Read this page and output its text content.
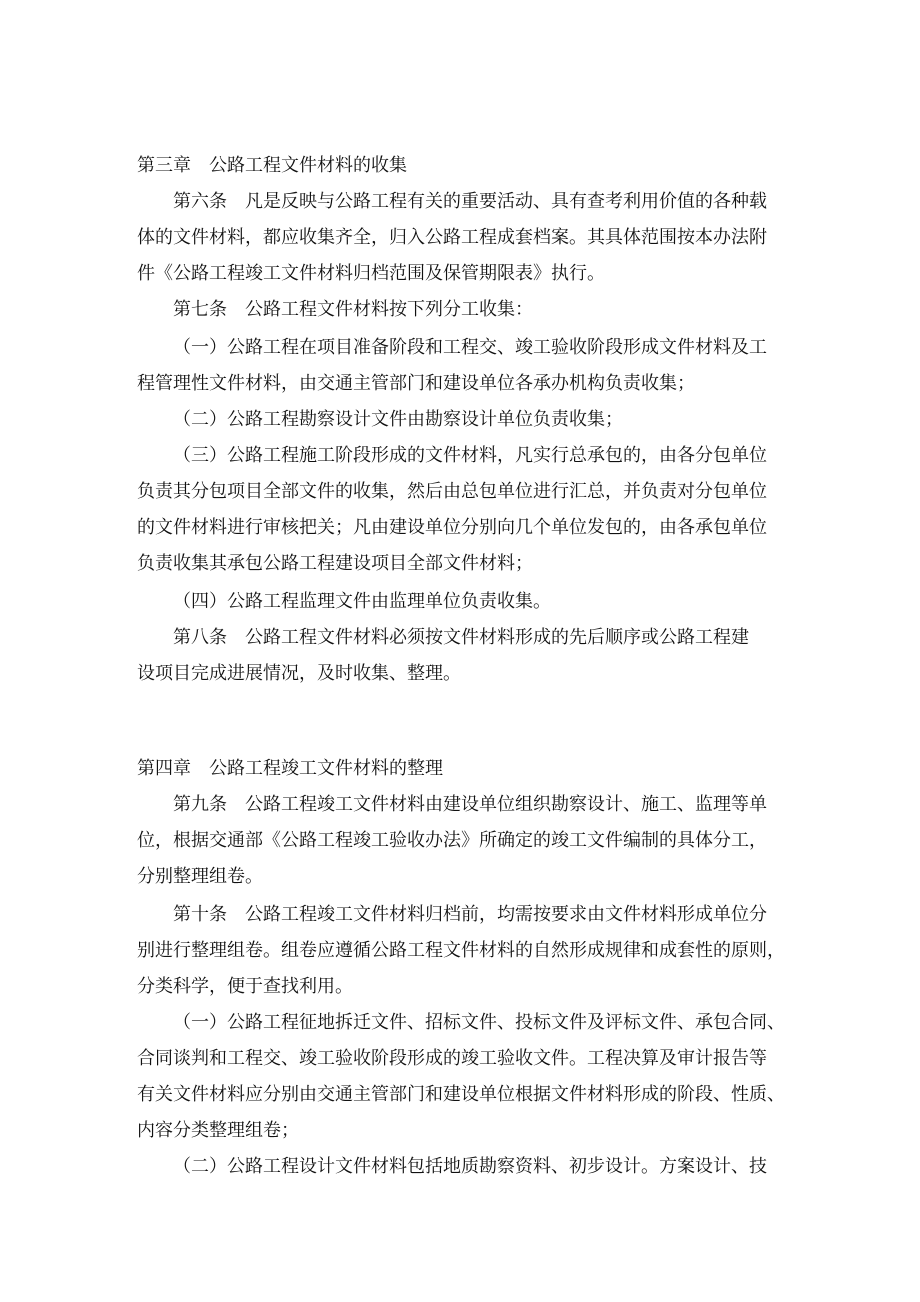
第三章　公路工程文件材料的收集
第六条　凡是反映与公路工程有关的重要活动、具有查考利用价值的各种载
体的文件材料，都应收集齐全，归入公路工程成套档案。其具体范围按本办法附
件《公路工程竣工文件材料归档范围及保管期限表》执行。
第七条　公路工程文件材料按下列分工收集：
（一）公路工程在项目准备阶段和工程交、竣工验收阶段形成文件材料及工
程管理性文件材料，由交通主管部门和建设单位各承办机构负责收集；
（二）公路工程勘察设计文件由勘察设计单位负责收集；
（三）公路工程施工阶段形成的文件材料，凡实行总承包的，由各分包单位
负责其分包项目全部文件的收集，然后由总包单位进行汇总，并负责对分包单位
的文件材料进行审核把关；凡由建设单位分别向几个单位发包的，由各承包单位
负责收集其承包公路工程建设项目全部文件材料；
（四）公路工程监理文件由监理单位负责收集。
第八条　公路工程文件材料必须按文件材料形成的先后顺序或公路工程建
设项目完成进展情况，及时收集、整理。
第四章　公路工程竣工文件材料的整理
第九条　公路工程竣工文件材料由建设单位组织勘察设计、施工、监理等单
位，根据交通部《公路工程竣工验收办法》所确定的竣工文件编制的具体分工，
分别整理组卷。
第十条　公路工程竣工文件材料归档前，均需按要求由文件材料形成单位分
别进行整理组卷。组卷应遵循公路工程文件材料的自然形成规律和成套性的原则，
分类科学，便于查找利用。
（一）公路工程征地拆迁文件、招标文件、投标文件及评标文件、承包合同、
合同谈判和工程交、竣工验收阶段形成的竣工验收文件。工程决算及审计报告等
有关文件材料应分别由交通主管部门和建设单位根据文件材料形成的阶段、性质、
内容分类整理组卷；
（二）公路工程设计文件材料包括地质勘察资料、初步设计。方案设计、技
